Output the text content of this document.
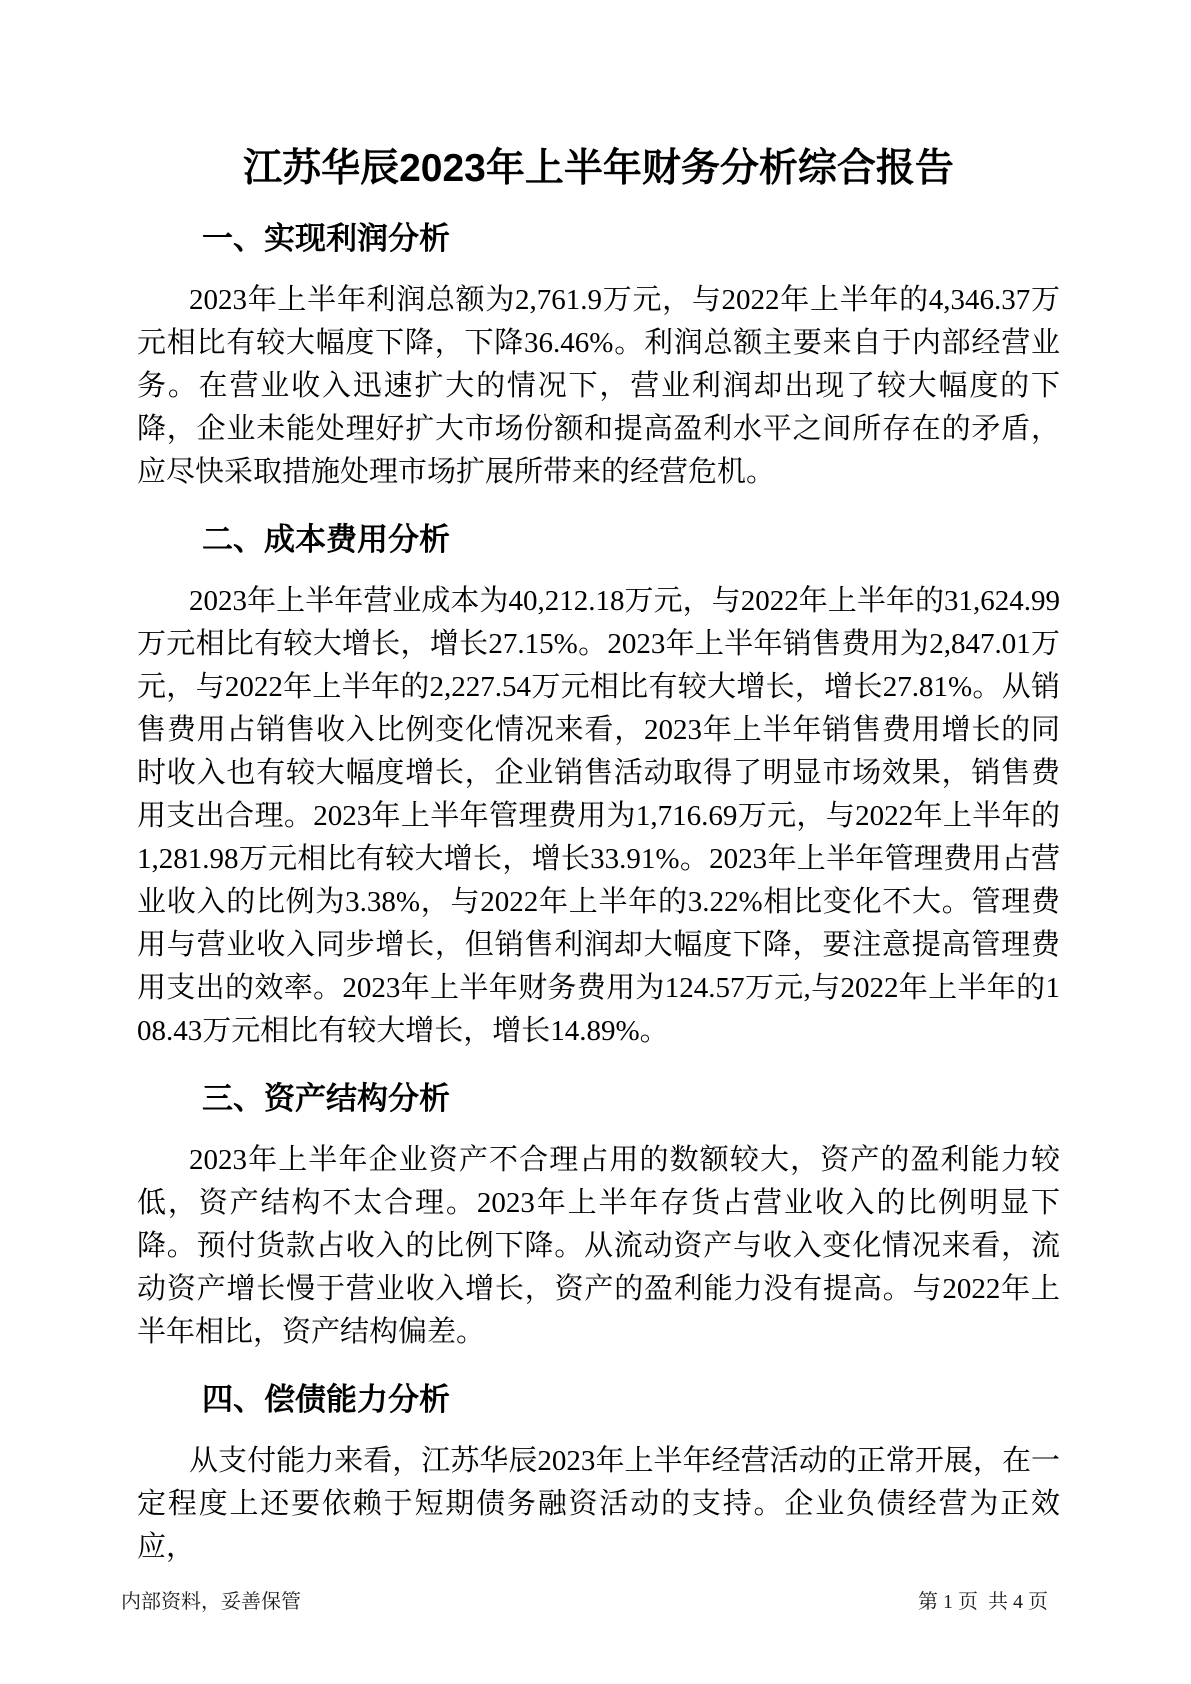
江苏华辰2023年上半年财务分析综合报告
一、实现利润分析

2023年上半年利润总额为2,761.9万元，与2022年上半年的4,346.37万元相比有较大幅度下降，下降36.46%。利润总额主要来自于内部经营业务。在营业收入迅速扩大的情况下，营业利润却出现了较大幅度的下降，企业未能处理好扩大市场份额和提高盈利水平之间所存在的矛盾，应尽快采取措施处理市场扩展所带来的经营危机。

二、成本费用分析

2023年上半年营业成本为40,212.18万元，与2022年上半年的31,624.99万元相比有较大增长，增长27.15%。2023年上半年销售费用为2,847.01万元，与2022年上半年的2,227.54万元相比有较大增长，增长27.81%。从销售费用占销售收入比例变化情况来看，2023年上半年销售费用增长的同时收入也有较大幅度增长，企业销售活动取得了明显市场效果，销售费用支出合理。2023年上半年管理费用为1,716.69万元，与2022年上半年的1,281.98万元相比有较大增长，增长33.91%。2023年上半年管理费用占营业收入的比例为3.38%，与2022年上半年的3.22%相比变化不大。管理费用与营业收入同步增长，但销售利润却大幅度下降，要注意提高管理费用支出的效率。2023年上半年财务费用为124.57万元,与2022年上半年的108.43万元相比有较大增长，增长14.89%。

三、资产结构分析

2023年上半年企业资产不合理占用的数额较大，资产的盈利能力较低，资产结构不太合理。2023年上半年存货占营业收入的比例明显下降。预付货款占收入的比例下降。从流动资产与收入变化情况来看，流动资产增长慢于营业收入增长，资产的盈利能力没有提高。与2022年上半年相比，资产结构偏差。

四、偿债能力分析

从支付能力来看，江苏华辰2023年上半年经营活动的正常开展，在一定程度上还要依赖于短期债务融资活动的支持。企业负债经营为正效应，

内部资料，妥善保管	第 1 页  共 4 页
